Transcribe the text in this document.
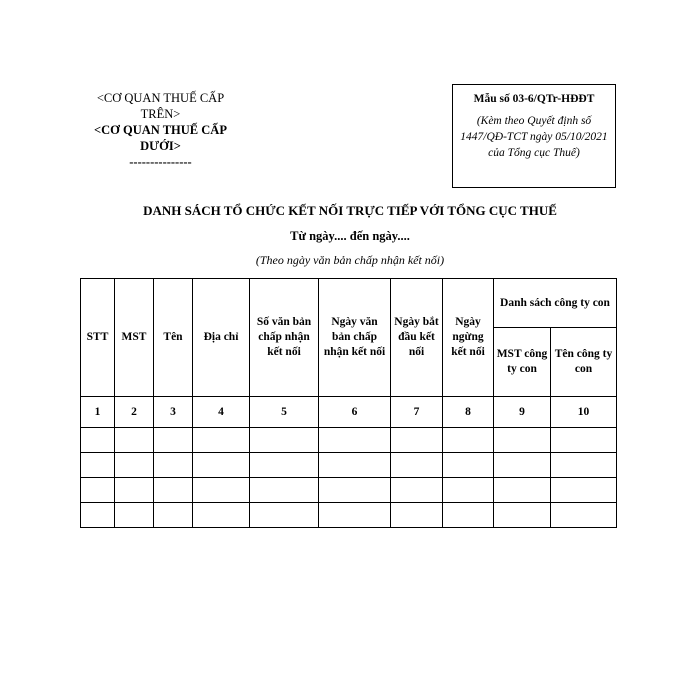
<CƠ QUAN THUẾ CẤP TRÊN>
<CƠ QUAN THUẾ CẤP DƯỚI>
---------------
Mẫu số 03-6/QTr-HĐĐT
(Kèm theo Quyết định số 1447/QĐ-TCT ngày 05/10/2021 của Tổng cục Thuế)
DANH SÁCH TỔ CHỨC KẾT NỐI TRỰC TIẾP VỚI TỔNG CỤC THUẾ
Từ ngày.... đến ngày....
(Theo ngày văn bản chấp nhận kết nối)
STT	MST	Tên	Địa chỉ	Số văn bản chấp nhận kết nối	Ngày văn bản chấp nhận kết nối	Ngày bắt đầu kết nối	Ngày ngừng kết nối	Danh sách công ty con	
								MST công ty con	Tên công ty con
1	2	3	4	5	6	7	8	9	10
